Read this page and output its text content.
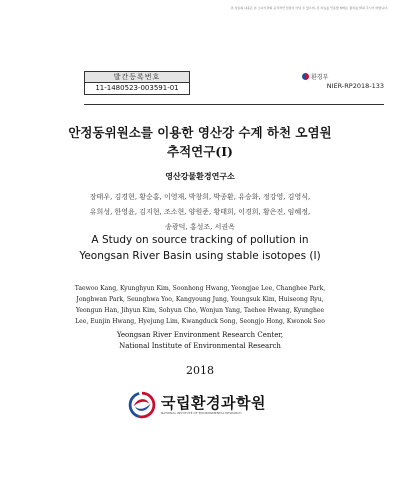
본 자료의 내용은 본 소속기관의 공식적인 입장이 아닐 수 있으며, 본 자료를 인용할 때에는 출처를 밝혀 주시기 바랍니다.
발간등록번호
11-1480523-003591-01
환경부
NIER-RP2018-133
안정동위원소를 이용한 영산강 수계 하천 오염원
추적연구(Ⅰ)
영산강물환경연구소
장태우, 김경현, 황순홍, 이영재, 박창희, 박종환, 유승화, 정강영, 김영식,
유희성, 한영윤, 김지현, 조소현, 양원준, 황태희, 이경희, 황은진, 임혜정,
송광덕, 홍성조, 서권옥
A Study on source tracking of pollution in
Yeongsan River Basin using stable isotopes (Ⅰ)
Taewoo Kang, Kyunghyun Kim, Soonhong Hwang, Yeongjae Lee, Changhee Park,
Jonghwan Park, Seunghwa Yoo, Kangyoung Jung, Youngsuk Kim, Huiseong Ryu,
Yeongun Han, Jihyun Kim, Sohyun Cho, Wonjun Yang, Taehee Hwang, Kyunghee
Lee, Eunjin Hwang, Hyejung Lim, Kwangduck Song, Seongjo Hong, Kwonok Seo
Yeongsan River Environment Research Center,
National Institute of Environmental Research
2018
국립환경과학원
NATIONAL INSTITUTE OF ENVIRONMENTAL RESEARCH
